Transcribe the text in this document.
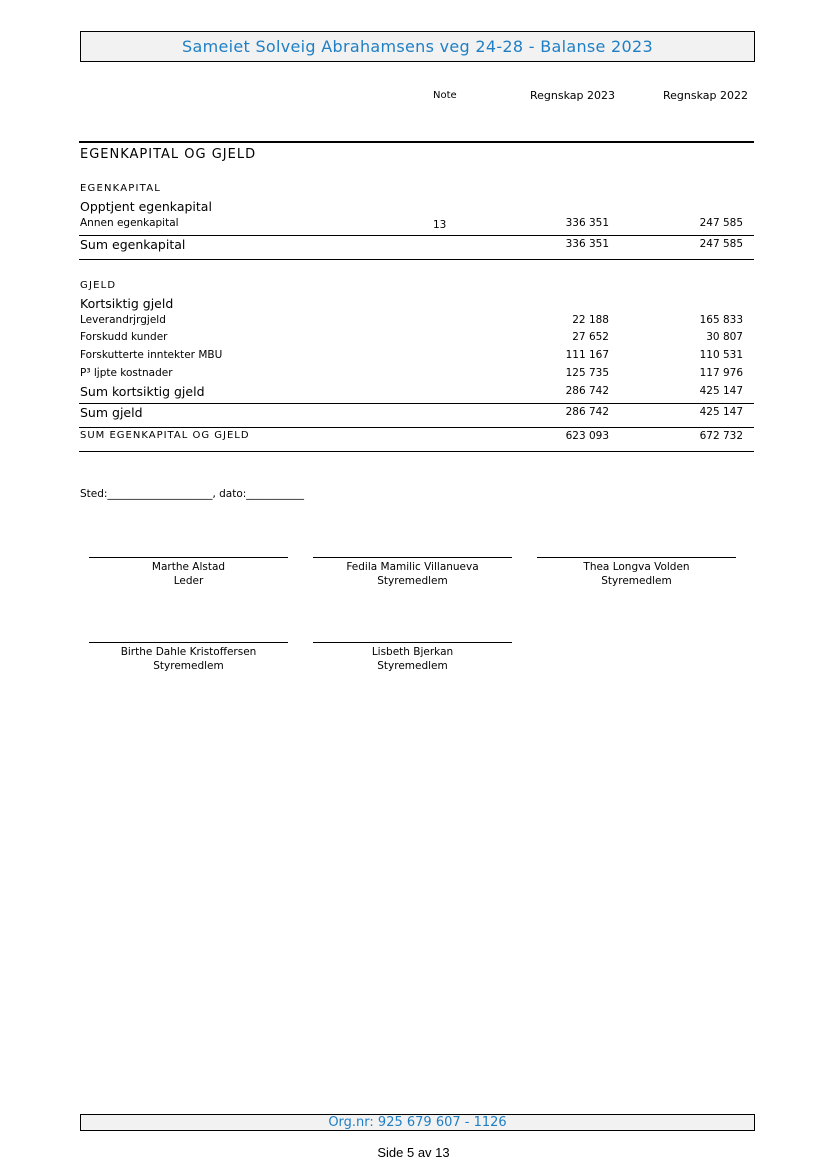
Sameiet Solveig Abrahamsens veg 24-28 - Balanse 2023
Note	Regnskap 2023	Regnskap 2022
EGENKAPITAL OG GJELD
EGENKAPITAL
Opptjent egenkapital
Annen egenkapital	13	336 351	247 585
Sum egenkapital	336 351	247 585
GJELD
Kortsiktig gjeld
Leverandrјrgjeld	22 188	165 833
Forskudd kunder	27 652	30 807
Forskutterte inntekter MBU	111 167	110 531
P³ lјpte kostnader	125 735	117 976
Sum kortsiktig gjeld	286 742	425 147
Sum gjeld	286 742	425 147
SUM EGENKAPITAL OG GJELD	623 093	672 732
Sted:____________________, dato:___________
Marthe Alstad
Leder
Fedila Mamilic Villanueva
Styremedlem
Thea Longva Volden
Styremedlem
Birthe Dahle Kristoffersen
Styremedlem
Lisbeth Bjerkan
Styremedlem
Org.nr: 925 679 607 - 1126
Side 5 av 13
